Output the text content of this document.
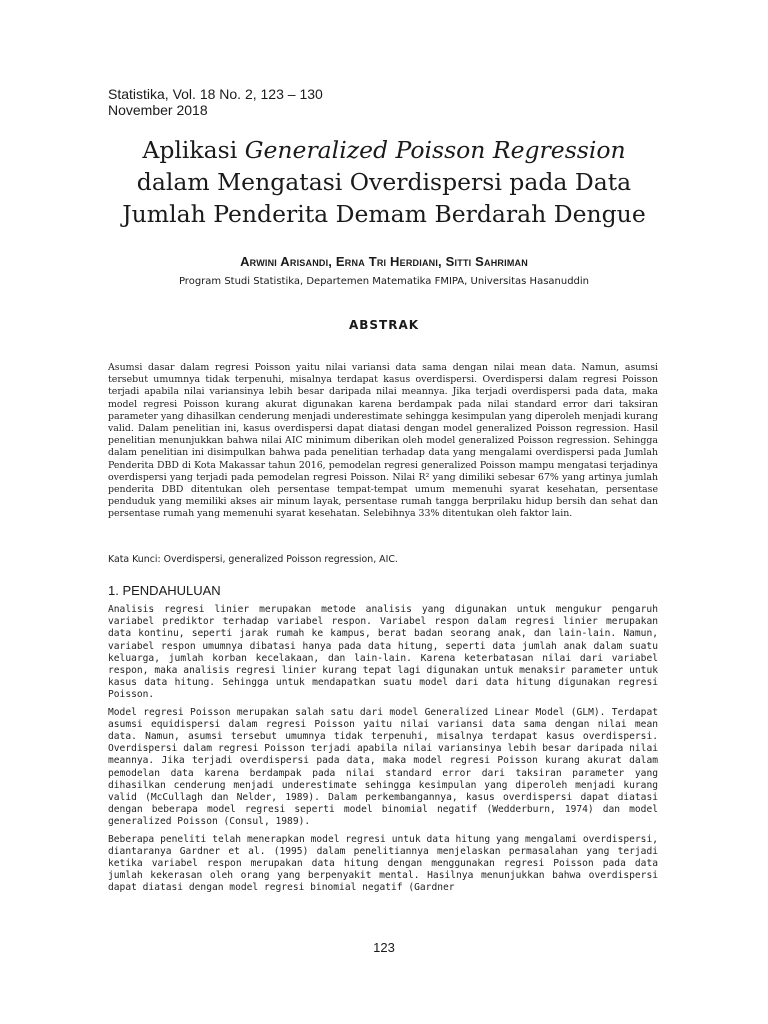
Statistika, Vol. 18 No. 2, 123 – 130
November 2018
Aplikasi Generalized Poisson Regression
dalam Mengatasi Overdispersi pada Data
Jumlah Penderita Demam Berdarah Dengue
Arwini Arisandi, Erna Tri Herdiani, Sitti Sahriman
Program Studi Statistika, Departemen Matematika FMIPA, Universitas Hasanuddin
ABSTRAK
Asumsi dasar dalam regresi Poisson yaitu nilai variansi data sama dengan nilai mean data. Namun, asumsi tersebut umumnya tidak terpenuhi, misalnya terdapat kasus overdispersi. Overdispersi dalam regresi Poisson terjadi apabila nilai variansinya lebih besar daripada nilai meannya. Jika terjadi overdispersi pada data, maka model regresi Poisson kurang akurat digunakan karena berdampak pada nilai standard error dari taksiran parameter yang dihasilkan cenderung menjadi underestimate sehingga kesimpulan yang diperoleh menjadi kurang valid. Dalam penelitian ini, kasus overdispersi dapat diatasi dengan model generalized Poisson regression. Hasil penelitian menunjukkan bahwa nilai AIC minimum diberikan oleh model generalized Poisson regression. Sehingga dalam penelitian ini disimpulkan bahwa pada penelitian terhadap data yang mengalami overdispersi pada Jumlah Penderita DBD di Kota Makassar tahun 2016, pemodelan regresi generalized Poisson mampu mengatasi terjadinya overdispersi yang terjadi pada pemodelan regresi Poisson. Nilai R² yang dimiliki sebesar 67% yang artinya jumlah penderita DBD ditentukan oleh persentase tempat-tempat umum memenuhi syarat kesehatan, persentase penduduk yang memiliki akses air minum layak, persentase rumah tangga berprilaku hidup bersih dan sehat dan persentase rumah yang memenuhi syarat kesehatan. Selebihnya 33% ditentukan oleh faktor lain.
Kata Kunci: Overdispersi, generalized Poisson regression, AIC.
1. PENDAHULUAN

Analisis regresi linier merupakan metode analisis yang digunakan untuk mengukur pengaruh variabel prediktor terhadap variabel respon. Variabel respon dalam regresi linier merupakan data kontinu, seperti jarak rumah ke kampus, berat badan seorang anak, dan lain-lain. Namun, variabel respon umumnya dibatasi hanya pada data hitung, seperti data jumlah anak dalam suatu keluarga, jumlah korban kecelakaan, dan lain-lain. Karena keterbatasan nilai dari variabel respon, maka analisis regresi linier kurang tepat lagi digunakan untuk menaksir parameter untuk kasus data hitung. Sehingga untuk mendapatkan suatu model dari data hitung digunakan regresi Poisson.

Model regresi Poisson merupakan salah satu dari model Generalized Linear Model (GLM). Terdapat asumsi equidispersi dalam regresi Poisson yaitu nilai variansi data sama dengan nilai mean data. Namun, asumsi tersebut umumnya tidak terpenuhi, misalnya terdapat kasus overdispersi. Overdispersi dalam regresi Poisson terjadi apabila nilai variansinya lebih besar daripada nilai meannya. Jika terjadi overdispersi pada data, maka model regresi Poisson kurang akurat dalam pemodelan data karena berdampak pada nilai standard error dari taksiran parameter yang dihasilkan cenderung menjadi underestimate sehingga kesimpulan yang diperoleh menjadi kurang valid (McCullagh dan Nelder, 1989). Dalam perkembangannya, kasus overdispersi dapat diatasi dengan beberapa model regresi seperti model binomial negatif (Wedderburn, 1974) dan model generalized Poisson (Consul, 1989).

Beberapa peneliti telah menerapkan model regresi untuk data hitung yang mengalami overdispersi, diantaranya Gardner et al. (1995) dalam penelitiannya menjelaskan permasalahan yang terjadi ketika variabel respon merupakan data hitung dengan menggunakan regresi Poisson pada data jumlah kekerasan oleh orang yang berpenyakit mental. Hasilnya menunjukkan bahwa overdispersi dapat diatasi dengan model regresi binomial negatif (Gardner

123
